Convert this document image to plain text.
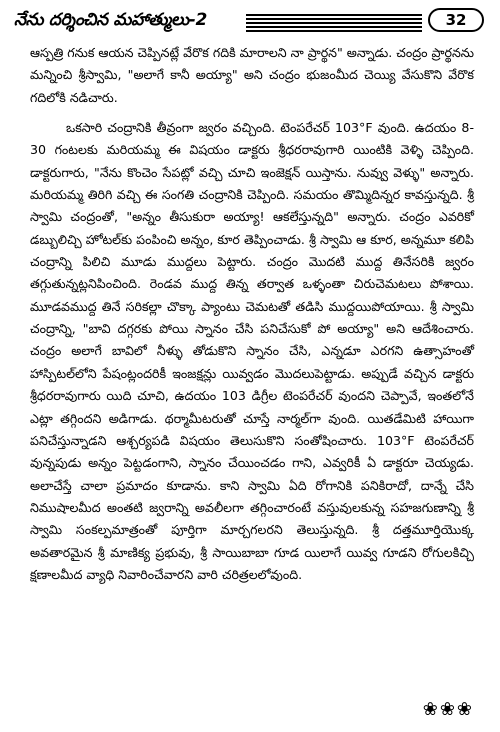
నేను దర్శించిన మహాత్ములు-2	32

ఆస్పత్రి గనుక ఆయన చెప్పినట్లే వేరొక గదికి మారాలని నా ప్రార్థన" అన్నాడు. చంద్రం ప్రార్థనను మన్నించి శ్రీస్వామి, "అలాగే కానీ అయ్యా" అని చంద్రం భుజంమీద చెయ్యి వేసుకొని వేరొక గదిలోకి నడిచారు.

ఒకసారి చంద్రానికి తీవ్రంగా జ్వరం వచ్చింది. టెంపరేచర్ 103°F వుంది. ఉదయం 8-30 గంటలకు మరియమ్మ ఈ విషయం డాక్టరు శ్రీధరరావుగారి యింటికి వెళ్ళి చెప్పింది. డాక్టరుగారు, "నేను కొంచెం సేపట్లో వచ్చి చూచి ఇంజెక్షన్ యిస్తాను. నువ్వు వెళ్ళు" అన్నారు. మరియమ్మ తిరిగి వచ్చి ఈ సంగతి చంద్రానికి చెప్పింది. సమయం తొమ్మిదిన్నర కావస్తున్నది. శ్రీ స్వామి చంద్రంతో, "అన్నం తీసుకురా అయ్యా! ఆకలేస్తున్నది" అన్నారు. చంద్రం ఎవరికో డబ్బులిచ్చి హోటల్‌కు పంపించి అన్నం, కూర తెప్పించాడు. శ్రీ స్వామి ఆ కూర, అన్నమూ కలిపి చంద్రాన్ని పిలిచి మూడు ముద్దలు పెట్టారు. చంద్రం మొదటి ముద్ద తినేసరికి జ్వరం తగ్గుతున్నట్లనిపించింది. రెండవ ముద్ద తిన్న తర్వాత ఒళ్ళంతా చిరుచెమటలు పోశాయి. మూడవముద్ద తినే సరికల్లా చొక్కా ప్యాంటు చెమటతో తడిసి ముద్దయిపోయాయి. శ్రీ స్వామి చంద్రాన్ని, "బావి దగ్గరకు పోయి స్నానం చేసి పనిచేసుకో పో అయ్యా" అని ఆదేశించారు. చంద్రం అలాగే బావిలో నీళ్ళు తోడుకొని స్నానం చేసి, ఎన్నడూ ఎరగని ఉత్సాహంతో హాస్పిటల్‌లోని పేషంట్లందరికీ ఇంజక్షన్లు యివ్వడం మొదలుపెట్టాడు. అప్పుడే వచ్చిన డాక్టరు శ్రీధరరావుగారు యిది చూచి, ఉదయం 103 డిగ్రీల టెంపరేచర్ వుందని చెప్పావే, ఇంతలోనే ఎట్లా తగ్గిందని అడిగాడు. థర్మామీటరుతో చూస్తే నార్మల్‌గా వుంది. యితడేమిటి హాయిగా పనిచేస్తున్నాడని ఆశ్చర్యపడి విషయం తెలుసుకొని సంతోషించారు. 103°F టెంపరేచర్ వున్నపుడు అన్నం పెట్టడంగాని, స్నానం చేయించడం గాని, ఎవ్వరికీ ఏ డాక్టరూ చెయ్యడు. అలాచేస్తే చాలా ప్రమాదం కూడాను. కాని స్వామి ఏది రోగానికి పనికిరాదో, దాన్నే చేసి నిముషాలమీద అంతటి జ్వరాన్ని అవలీలగా తగ్గించారంటే వస్తువులకున్న సహజగుణాన్ని శ్రీ స్వామి సంకల్పమాత్రంతో పూర్తిగా మార్చగలరని తెలుస్తున్నది. శ్రీ దత్తమూర్తియొక్క అవతారమైన శ్రీ మాణిక్య ప్రభువు, శ్రీ సాయిబాబా గూడ యిలాగే యివ్వ గూడని రోగులకిచ్చి క్షణాలమీద వ్యాధి నివారించేవారని వారి చరిత్రలలోవుంది.

❀❀❀
